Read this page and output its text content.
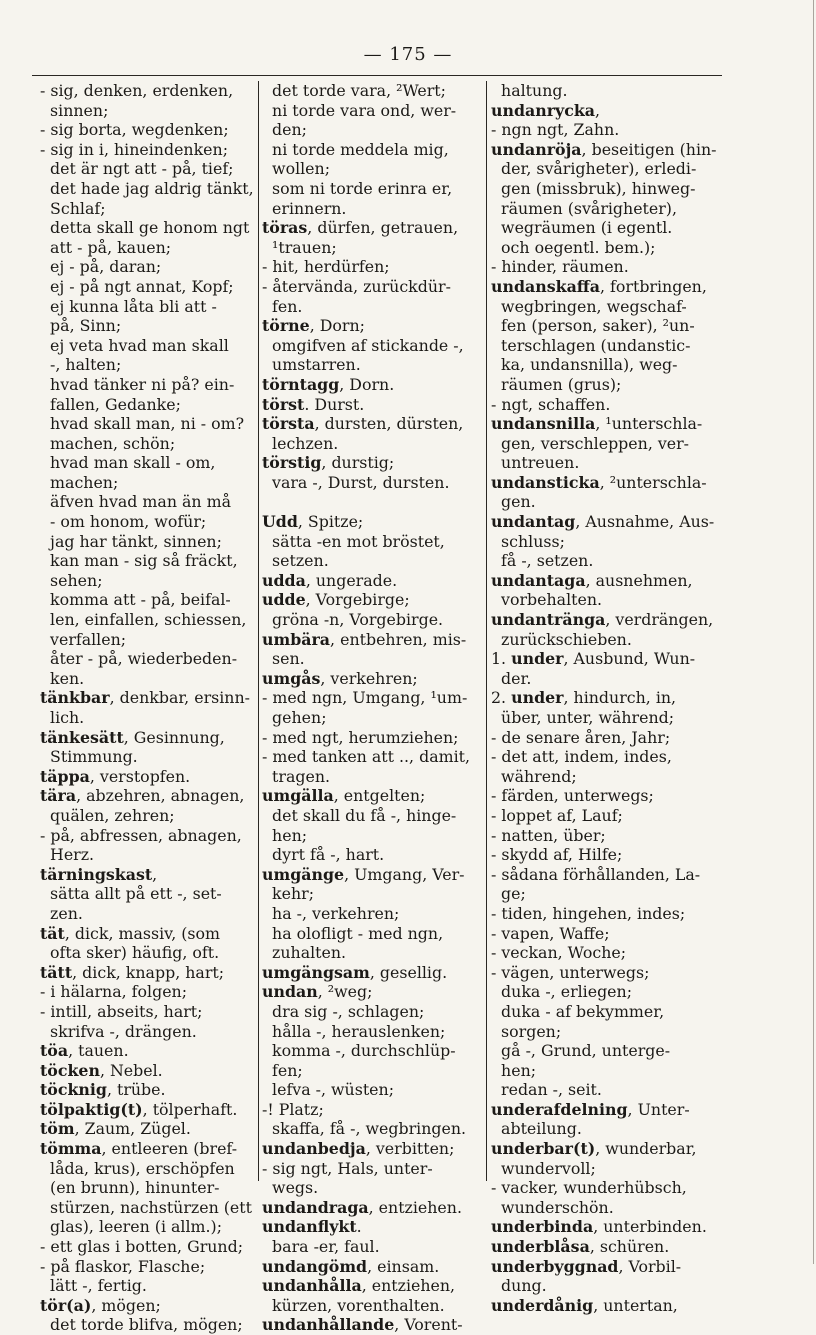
— 175 —
- sig, denken, erdenken,
sinnen;
- sig borta, wegdenken;
- sig in i, hineindenken;
det är ngt att - på, tief;
det hade jag aldrig tänkt,
Schlaf;
detta skall ge honom ngt
att - på, kauen;
ej - på, daran;
ej - på ngt annat, Kopf;
ej kunna låta bli att -
på, Sinn;
ej veta hvad man skall
-, halten;
hvad tänker ni på? ein-
fallen, Gedanke;
hvad skall man, ni - om?
machen, schön;
hvad man skall - om,
machen;
äfven hvad man än må
- om honom, wofür;
jag har tänkt, sinnen;
kan man - sig så fräckt,
sehen;
komma att - på, beifal-
len, einfallen, schiessen,
verfallen;
åter - på, wiederbeden-
ken.
tänkbar, denkbar, ersinn-
lich.
tänkesätt, Gesinnung,
Stimmung.
täppa, verstopfen.
tära, abzehren, abnagen,
quälen, zehren;
- på, abfressen, abnagen,
Herz.
tärningskast,
sätta allt på ett -, set-
zen.
tät, dick, massiv, (som
ofta sker) häufig, oft.
tätt, dick, knapp, hart;
- i hälarna, folgen;
- intill, abseits, hart;
skrifva -, drängen.
töa, tauen.
töcken, Nebel.
töcknig, trübe.
tölpaktig(t), tölperhaft.
töm, Zaum, Zügel.
tömma, entleeren (bref-
låda, krus), erschöpfen
(en brunn), hinunter-
stürzen, nachstürzen (ett
glas), leeren (i allm.);
- ett glas i botten, Grund;
- på flaskor, Flasche;
lätt -, fertig.
tör(a), mögen;
det torde blifva, mögen;
det torde vara, ²Wert;
ni torde vara ond, wer-
den;
ni torde meddela mig,
wollen;
som ni torde erinra er,
erinnern.
töras, dürfen, getrauen,
¹trauen;
- hit, herdürfen;
- återvända, zurückdür-
fen.
törne, Dorn;
omgifven af stickande -,
umstarren.
törntagg, Dorn.
törst. Durst.
törsta, dursten, dürsten,
lechzen.
törstig, durstig;
vara -, Durst, dursten.

Udd, Spitze;
sätta -en mot bröstet,
setzen.
udda, ungerade.
udde, Vorgebirge;
gröna -n, Vorgebirge.
umbära, entbehren, mis-
sen.
umgås, verkehren;
- med ngn, Umgang, ¹um-
gehen;
- med ngt, herumziehen;
- med tanken att .., damit,
tragen.
umgälla, entgelten;
det skall du få -, hinge-
hen;
dyrt få -, hart.
umgänge, Umgang, Ver-
kehr;
ha -, verkehren;
ha olofligt - med ngn,
zuhalten.
umgängsam, gesellig.
undan, ²weg;
dra sig -, schlagen;
hålla -, herauslenken;
komma -, durchschlüp-
fen;
lefva -, wüsten;
-! Platz;
skaffa, få -, wegbringen.
undanbedja, verbitten;
- sig ngt, Hals, unter-
wegs.
undandraga, entziehen.
undanflykt.
bara -er, faul.
undangömd, einsam.
undanhålla, entziehen,
kürzen, vorenthalten.
undanhållande, Vorent-
haltung.
undanrycka,
- ngn ngt, Zahn.
undanröja, beseitigen (hin-
der, svårigheter), erledi-
gen (missbruk), hinweg-
räumen (svårigheter),
wegräumen (i egentl.
och oegentl. bem.);
- hinder, räumen.
undanskaffa, fortbringen,
wegbringen, wegschaf-
fen (person, saker), ²un-
terschlagen (undanstic-
ka, undansnilla), weg-
räumen (grus);
- ngt, schaffen.
undansnilla, ¹unterschla-
gen, verschleppen, ver-
untreuen.
undansticka, ²unterschla-
gen.
undantag, Ausnahme, Aus-
schluss;
få -, setzen.
undantaga, ausnehmen,
vorbehalten.
undantränga, verdrängen,
zurückschieben.
1. under, Ausbund, Wun-
der.
2. under, hindurch, in,
über, unter, während;
- de senare åren, Jahr;
- det att, indem, indes,
während;
- färden, unterwegs;
- loppet af, Lauf;
- natten, über;
- skydd af, Hilfe;
- sådana förhållanden, La-
ge;
- tiden, hingehen, indes;
- vapen, Waffe;
- veckan, Woche;
- vägen, unterwegs;
duka -, erliegen;
duka - af bekymmer,
sorgen;
gå -, Grund, unterge-
hen;
redan -, seit.
underafdelning, Unter-
abteilung.
underbar(t), wunderbar,
wundervoll;
- vacker, wunderhübsch,
wunderschön.
underbinda, unterbinden.
underblåsa, schüren.
underbyggnad, Vorbil-
dung.
underdånig, untertan,
